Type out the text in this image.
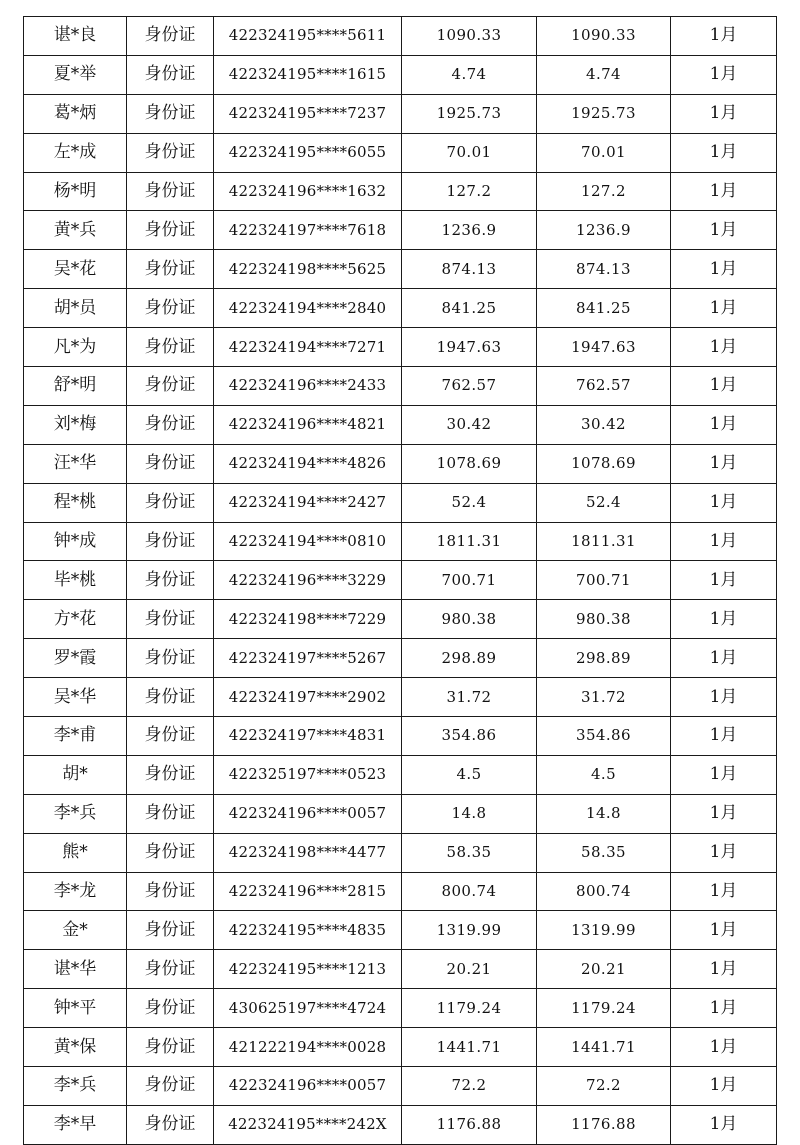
谌*良	身份证	422324195****5611	1090.33	1090.33	1月
夏*举	身份证	422324195****1615	4.74	4.74	1月
葛*炳	身份证	422324195****7237	1925.73	1925.73	1月
左*成	身份证	422324195****6055	70.01	70.01	1月
杨*明	身份证	422324196****1632	127.2	127.2	1月
黄*兵	身份证	422324197****7618	1236.9	1236.9	1月
吴*花	身份证	422324198****5625	874.13	874.13	1月
胡*员	身份证	422324194****2840	841.25	841.25	1月
凡*为	身份证	422324194****7271	1947.63	1947.63	1月
舒*明	身份证	422324196****2433	762.57	762.57	1月
刘*梅	身份证	422324196****4821	30.42	30.42	1月
汪*华	身份证	422324194****4826	1078.69	1078.69	1月
程*桃	身份证	422324194****2427	52.4	52.4	1月
钟*成	身份证	422324194****0810	1811.31	1811.31	1月
毕*桃	身份证	422324196****3229	700.71	700.71	1月
方*花	身份证	422324198****7229	980.38	980.38	1月
罗*霞	身份证	422324197****5267	298.89	298.89	1月
吴*华	身份证	422324197****2902	31.72	31.72	1月
李*甫	身份证	422324197****4831	354.86	354.86	1月
胡*	身份证	422325197****0523	4.5	4.5	1月
李*兵	身份证	422324196****0057	14.8	14.8	1月
熊*	身份证	422324198****4477	58.35	58.35	1月
李*龙	身份证	422324196****2815	800.74	800.74	1月
金*	身份证	422324195****4835	1319.99	1319.99	1月
谌*华	身份证	422324195****1213	20.21	20.21	1月
钟*平	身份证	430625197****4724	1179.24	1179.24	1月
黄*保	身份证	421222194****0028	1441.71	1441.71	1月
李*兵	身份证	422324196****0057	72.2	72.2	1月
李*早	身份证	422324195****242X	1176.88	1176.88	1月
